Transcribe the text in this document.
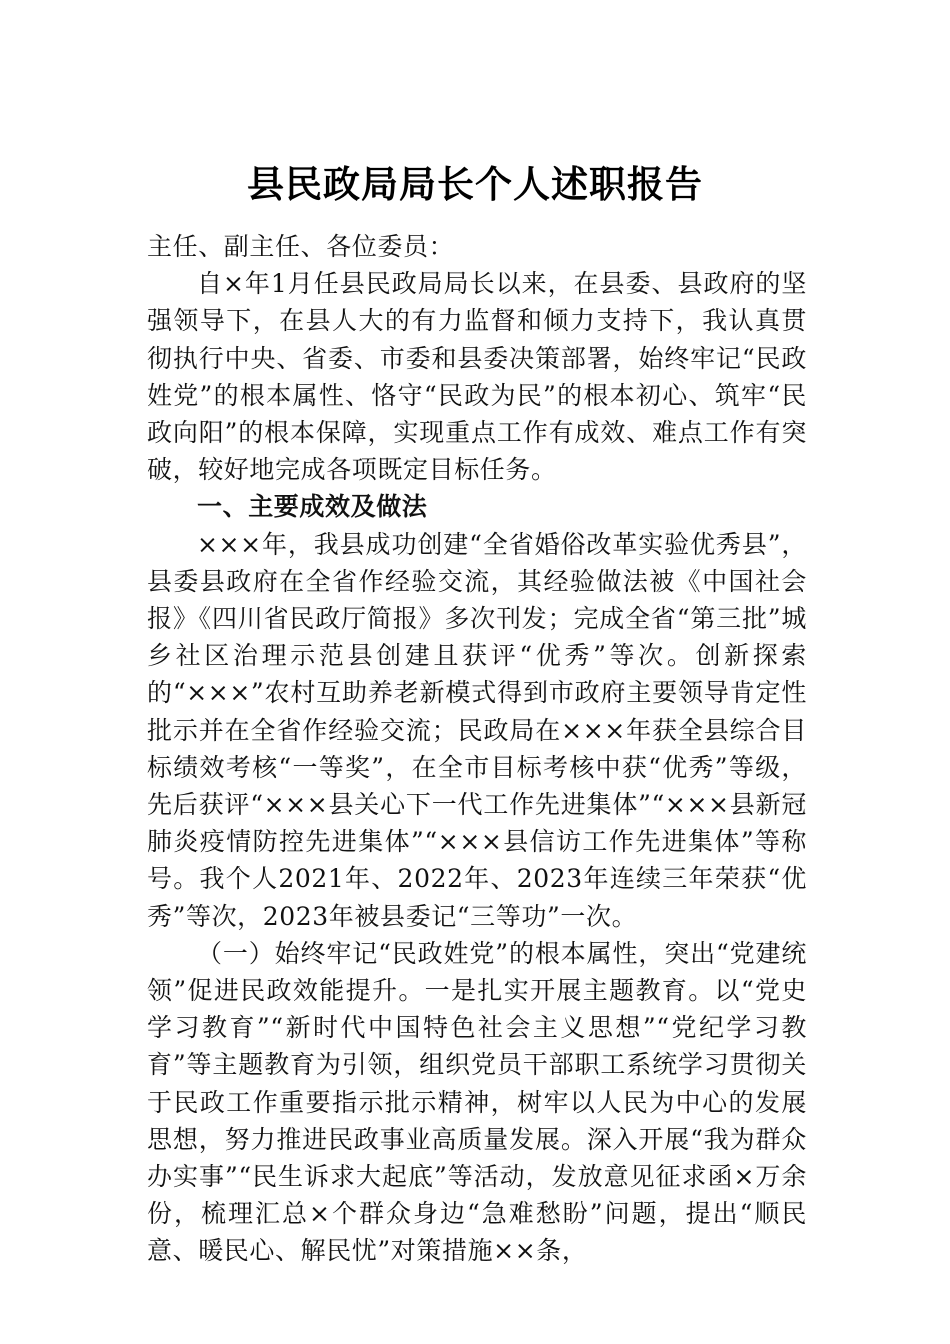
县民政局局长个人述职报告

主任、副主任、各位委员：

自×年1月任县民政局局长以来，在县委、县政府的坚强领导下，在县人大的有力监督和倾力支持下，我认真贯彻执行中央、省委、市委和县委决策部署，始终牢记“民政姓党”的根本属性、恪守“民政为民”的根本初心、筑牢“民政向阳”的根本保障，实现重点工作有成效、难点工作有突破，较好地完成各项既定目标任务。

一、主要成效及做法

×××年，我县成功创建“全省婚俗改革实验优秀县”，县委县政府在全省作经验交流，其经验做法被《中国社会报》《四川省民政厅简报》多次刊发；完成全省“第三批”城乡社区治理示范县创建且获评“优秀”等次。创新探索的“×××”农村互助养老新模式得到市政府主要领导肯定性批示并在全省作经验交流；民政局在×××年获全县综合目标绩效考核“一等奖”，在全市目标考核中获“优秀”等级，先后获评“×××县关心下一代工作先进集体”“×××县新冠肺炎疫情防控先进集体”“×××县信访工作先进集体”等称号。我个人2021年、2022年、2023年连续三年荣获“优秀”等次，2023年被县委记“三等功”一次。

（一）始终牢记“民政姓党”的根本属性，突出“党建统领”促进民政效能提升。一是扎实开展主题教育。以“党史学习教育”“新时代中国特色社会主义思想”“党纪学习教育”等主题教育为引领，组织党员干部职工系统学习贯彻关于民政工作重要指示批示精神，树牢以人民为中心的发展思想，努力推进民政事业高质量发展。深入开展“我为群众办实事”“民生诉求大起底”等活动，发放意见征求函×万余份，梳理汇总×个群众身边“急难愁盼”问题，提出“顺民意、暖民心、解民忧”对策措施××条，
